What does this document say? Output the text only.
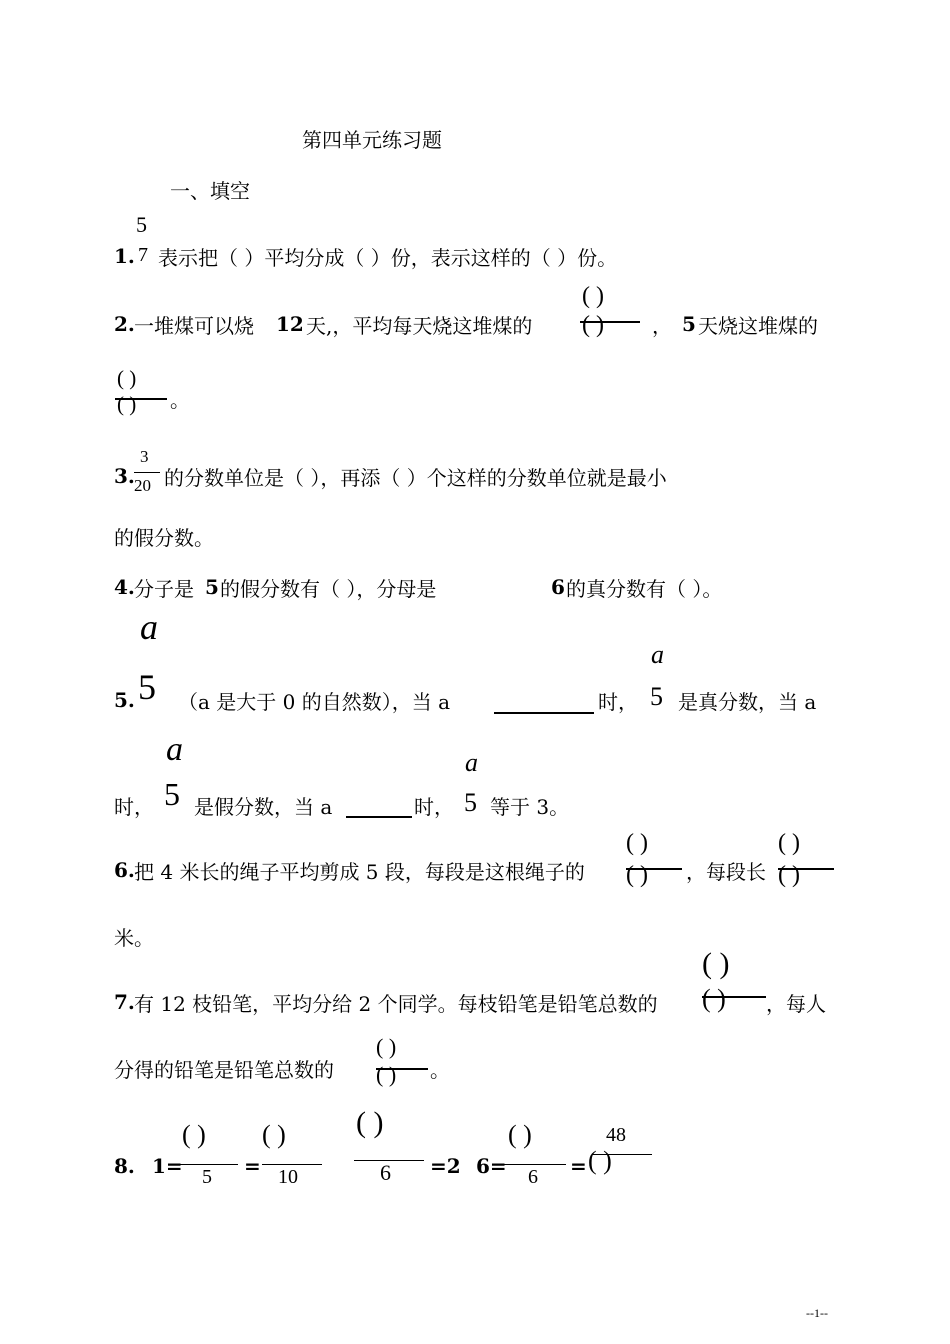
第四单元练习题
一、填空
5
1. 7 表示把（ ）平均分成（ ）份，表示这样的（ ）份。
2. 一堆煤可以烧 12 天,，平均每天烧这堆煤的
( )
( ) ， 5 天烧这堆煤的
( )
( ) 。
3
3. 20 的分数单位是（ ），再添（ ）个这样的分数单位就是最小
的假分数。
4. 分子是 5 的假分数有（ ），分母是	6 的真分数有（ ）。
a
5. 5 （a 是大于 0 的自然数），当 a	时，
a
5 是真分数，当 a
a
时， 5 是假分数，当 a	时，
a
5 等于 3。
6. 把 4 米长的绳子平均剪成 5 段，每段是这根绳子的
( )
( ) ，每段长
( )
( )
米。
7. 有 12 枝铅笔，平均分给 2 个同学。每枝铅笔是铅笔总数的
( )
( ) ，每人
分得的铅笔是铅笔总数的
( )
( ) 。
8. 1=
( )
5 =
( )
10
( )
6 =2 6=
( )
6 =
48
( )
--1--
